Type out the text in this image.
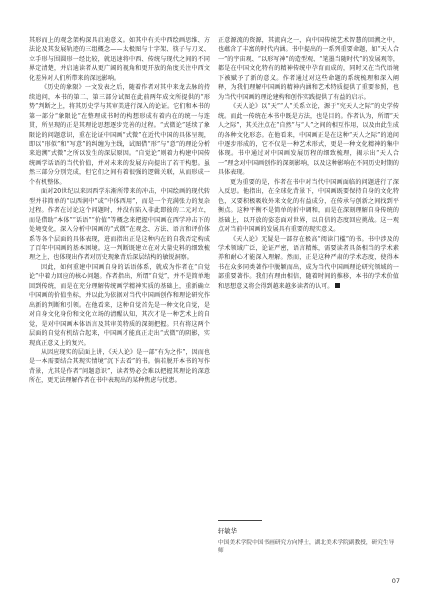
其形而上的观念架构深具启迪意义。如其中有关中西绘画思维、方法论及其发展轨迹的三组概念——太极图与十字架、筷子与刀叉、立手形与围圆形一经比较，就迅速将中西、传统与现代之间的不同界定清楚，并启迪读者从更广阔的视角和更开放的角度关注中西文化差异对人们所带来的深远影响。

《历史的象限》一文发表之后，随着作者对其中来龙去脉的持续追问，本书的第二、第三部分试图在此前两年成文所提供的“形势”判断之上，将其历史学与其审美进行深入的论证。它们和本书的第一部分“象限论”在整理成书时的构想形成有着内在的统一与连贯，所呈现的正是其理论思想逐步完善的过程。“式微论”延续了象限论的问题意识，重在论证中国画“式微”在近代中国的具体呈现，即以“形似”和“写意”的纠缠为主线，试图借“形”与“意”的理论分析来追溯“式微”之所以发生的深层原因。“自觉论”则着力构建中国传统画学话语的当代价值，并对未来的发展方向提出了若干构想。虽然三部分分别完成，但它们之间有着很强的逻辑关联，从而形成一个有机整体。

面对20世纪以来因西学东渐所带来的冲击，中国绘画的现代转型并非简单的“以西润中”或“中体西用”，而是一个充满张力的复杂过程。作者在讨论这个问题时，并没有陷入非此即彼的二元对立，而是借助“本体”“话语”“价值”等概念来把握中国画在西学冲击下的处境变化，深入分析中国画的“式微”在观念、方法、语言和评价体系等各个层面的具体表现，进而指出正是这种内在的自我否定构成了百年中国画的基本困境。这一判断既建立在对大量史料的细致梳理之上，也体现出作者对历史现象背后深层结构的敏锐洞察。

因此，如何重建中国画自身的话语体系，就成为作者在“自觉论”中着力回应的核心问题。作者指出，所谓“自觉”，并不是简单地回到传统，而是在充分理解传统画学精神实质的基础上，重新确立中国画的价值坐标，并以此为依据对当代中国画创作和理论研究作出新的判断和引领。在他看来，这种自觉首先是一种文化自觉，是对自身文化身份和文化立场的清醒认知，其次才是一种艺术上的自觉，是对中国画本体语言及其审美特质的深刻把握。只有将这两个层面的自觉有机结合起来，中国画才能真正走出“式微”的阴影，实现真正意义上的复兴。

从因应现实的层面上讲，《天人论》是一部“有为之作”，因而也是一本需要结合其现实情境“沉下去看”的书。倘若脱开本书的写作背景，尤其是作者“问题意识”，读者势必会难以把握其理论的深意所在，更无法理解作者在书中表现出的某种焦虑与忧患。

正意源流的资源，其流向之一，向中国传统艺术智慧的回溯之中，也蕴含了丰富的时代内涵。书中提出的一系列重要命题，如“天人合一”的宇宙观、“以形写神”的造型观、“笔墨当随时代”的发展观等，都是在中国文化特有的精神传统中孕育而成的，同时又在当代语境下被赋予了新的意义。作者通过对这些命题的系统梳理和深入阐释，为我们理解中国画的精神内涵和艺术特质提供了重要参照，也为当代中国画的理论建构和创作实践提供了有益的启示。

《天人论》以“天”“人”关系立论，源于“究天人之际”的史学传统。而此一传统在本书中既是方法，也是目的。作者认为，所谓“天人之际”，其关注点在“自然”与“人”之间的相互作用，以及由此生成的各种文化形态。在他看来，中国画正是在这种“天人之际”的追问中逐步形成的，它不仅是一种艺术形式，更是一种文化精神的集中体现。书中通过对中国画发展历程的细致梳理，揭示出“天人合一”理念对中国画创作的深刻影响，以及这种影响在不同历史时期的具体表现。

更为重要的是，作者在书中对当代中国画面临的问题进行了深入反思。他指出，在全球化背景下，中国画既要保持自身的文化特色，又要积极吸收外来文化的有益成分，在传承与创新之间找到平衡点。这种平衡不是简单的折中调和，而是在深刻理解自身传统的基础上，以开放的姿态面对世界，以自信的态度回应挑战。这一观点对当前中国画的发展具有重要的现实意义。

《天人论》无疑是一部存在极高“阅读门槛”的书。书中涉及的学术领域广泛，论证严密，语言精炼，需要读者具备相当的学术素养和耐心才能深入理解。然而，正是这种严肃的学术态度，使得本书在众多同类著作中脱颖而出，成为当代中国画理论研究领域的一部重要著作。我们有理由相信，随着时间的推移，本书的学术价值和思想意义将会得到越来越多读者的认可。

轩敏华

中国美术学院中国书画研究方向博士，湖北美术学院副教授，研究生导师

07
